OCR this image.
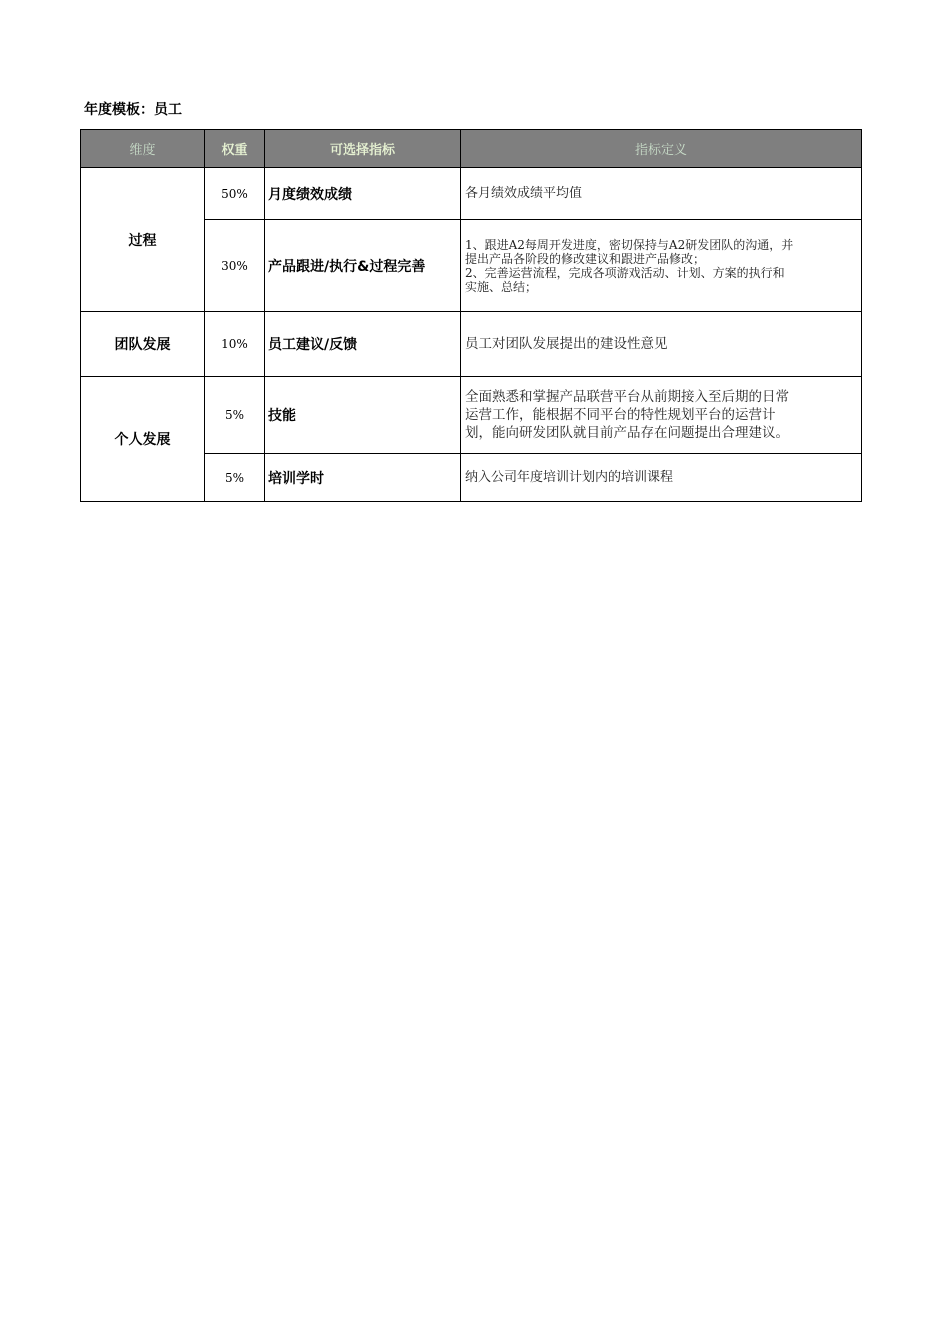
年度模板：员工
维度	权重	可选择指标	指标定义
过程	50%	月度绩效成绩	各月绩效成绩平均值

	30%	产品跟进/执行&过程完善	1、跟进A2每周开发进度，密切保持与A2研发团队的沟通，并
提出产品各阶段的修改建议和跟进产品修改；
2、完善运营流程，完成各项游戏活动、计划、方案的执行和
实施、总结；

团队发展	10%	员工建议/反馈	员工对团队发展提出的建设性意见

个人发展	5%	技能	全面熟悉和掌握产品联营平台从前期接入至后期的日常
运营工作，能根据不同平台的特性规划平台的运营计
划，能向研发团队就目前产品存在问题提出合理建议。

	5%	培训学时	纳入公司年度培训计划内的培训课程
